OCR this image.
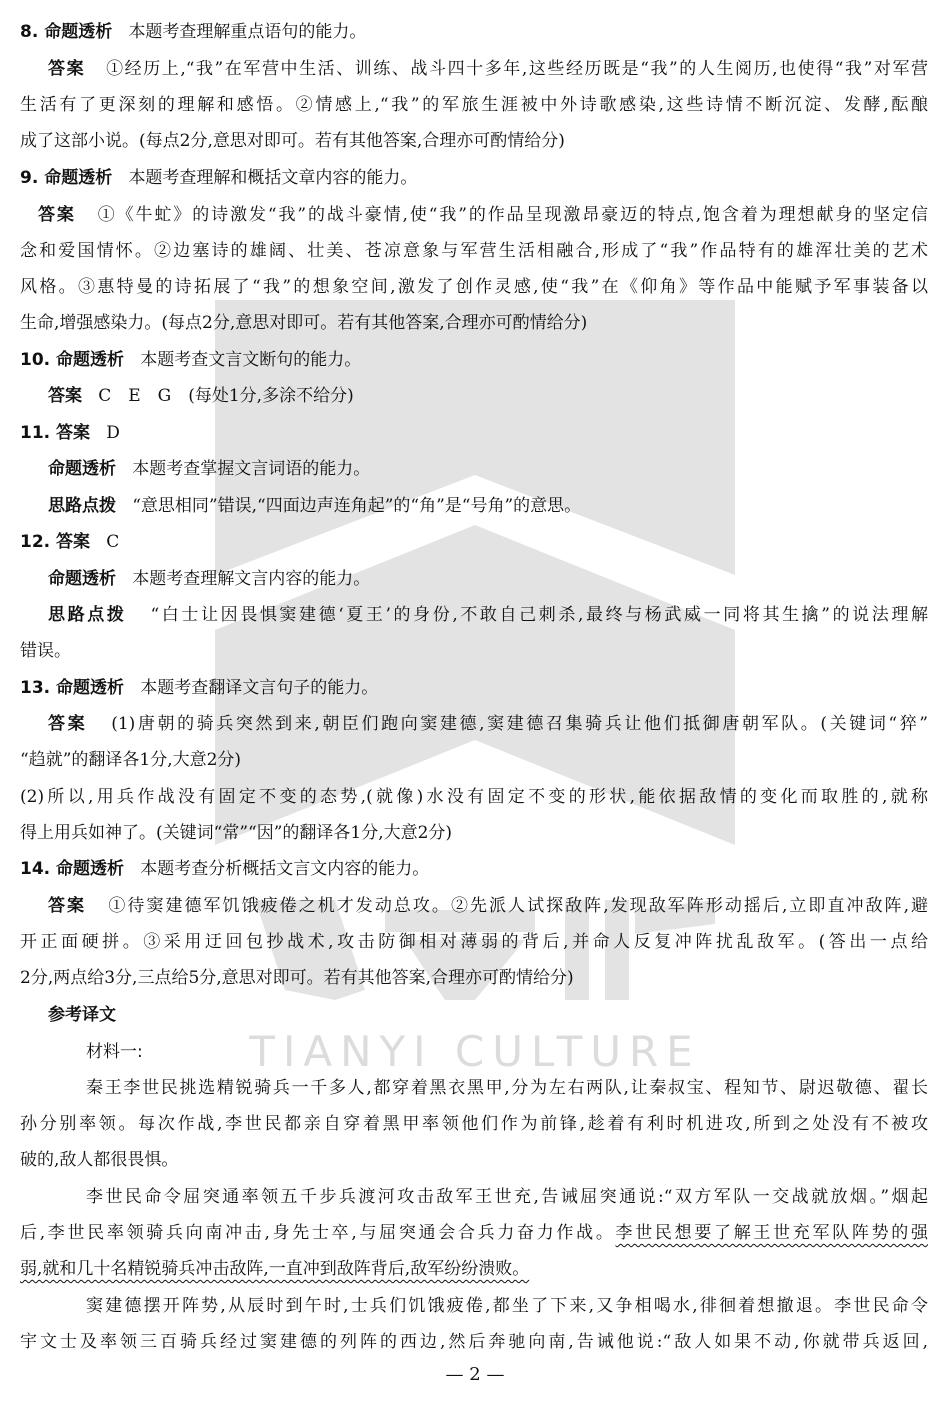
TIANYI CULTURE
8. 命题透析 本题考查理解重点语句的能力。
答案 ①经历上,“我”在军营中生活、训练、战斗四十多年,这些经历既是“我”的人生阅历,也使得“我”对军营
生活有了更深刻的理解和感悟。②情感上,“我”的军旅生涯被中外诗歌感染,这些诗情不断沉淀、发酵,酝酿
成了这部小说。(每点2分,意思对即可。若有其他答案,合理亦可酌情给分)
9. 命题透析 本题考查理解和概括文章内容的能力。
答案 ①《牛虻》的诗激发“我”的战斗豪情,使“我”的作品呈现激昂豪迈的特点,饱含着为理想献身的坚定信
念和爱国情怀。②边塞诗的雄阔、壮美、苍凉意象与军营生活相融合,形成了“我”作品特有的雄浑壮美的艺术
风格。③惠特曼的诗拓展了“我”的想象空间,激发了创作灵感,使“我”在《仰角》等作品中能赋予军事装备以
生命,增强感染力。(每点2分,意思对即可。若有其他答案,合理亦可酌情给分)
10. 命题透析 本题考查文言文断句的能力。
答案 C　E　G　(每处1分,多涂不给分)
11. 答案 D
命题透析 本题考查掌握文言词语的能力。
思路点拨 “意思相同”错误,“四面边声连角起”的“角”是“号角”的意思。
12. 答案 C
命题透析 本题考查理解文言内容的能力。
思路点拨 “白士让因畏惧窦建德‘夏王’的身份,不敢自己刺杀,最终与杨武威一同将其生擒”的说法理解
错误。
13. 命题透析 本题考查翻译文言句子的能力。
答案 (1)唐朝的骑兵突然到来,朝臣们跑向窦建德,窦建德召集骑兵让他们抵御唐朝军队。(关键词“猝”
“趋就”的翻译各1分,大意2分)
(2)所以,用兵作战没有固定不变的态势,(就像)水没有固定不变的形状,能依据敌情的变化而取胜的,就称
得上用兵如神了。(关键词“常”“因”的翻译各1分,大意2分)
14. 命题透析 本题考查分析概括文言文内容的能力。
答案 ①待窦建德军饥饿疲倦之机才发动总攻。②先派人试探敌阵,发现敌军阵形动摇后,立即直冲敌阵,避
开正面硬拼。③采用迂回包抄战术,攻击防御相对薄弱的背后,并命人反复冲阵扰乱敌军。(答出一点给
2分,两点给3分,三点给5分,意思对即可。若有其他答案,合理亦可酌情给分)
参考译文
材料一:
秦王李世民挑选精锐骑兵一千多人,都穿着黑衣黑甲,分为左右两队,让秦叔宝、程知节、尉迟敬德、翟长
孙分别率领。每次作战,李世民都亲自穿着黑甲率领他们作为前锋,趁着有利时机进攻,所到之处没有不被攻
破的,敌人都很畏惧。
李世民命令屈突通率领五千步兵渡河攻击敌军王世充,告诫屈突通说:“双方军队一交战就放烟。”烟起
后,李世民率领骑兵向南冲击,身先士卒,与屈突通会合兵力奋力作战。李世民想要了解王世充军队阵势的强
弱,就和几十名精锐骑兵冲击敌阵,一直冲到敌阵背后,敌军纷纷溃败。
窦建德摆开阵势,从辰时到午时,士兵们饥饿疲倦,都坐了下来,又争相喝水,徘徊着想撤退。李世民命令
宇文士及率领三百骑兵经过窦建德的列阵的西边,然后奔驰向南,告诫他说:“敌人如果不动,你就带兵返回,
— 2 —
